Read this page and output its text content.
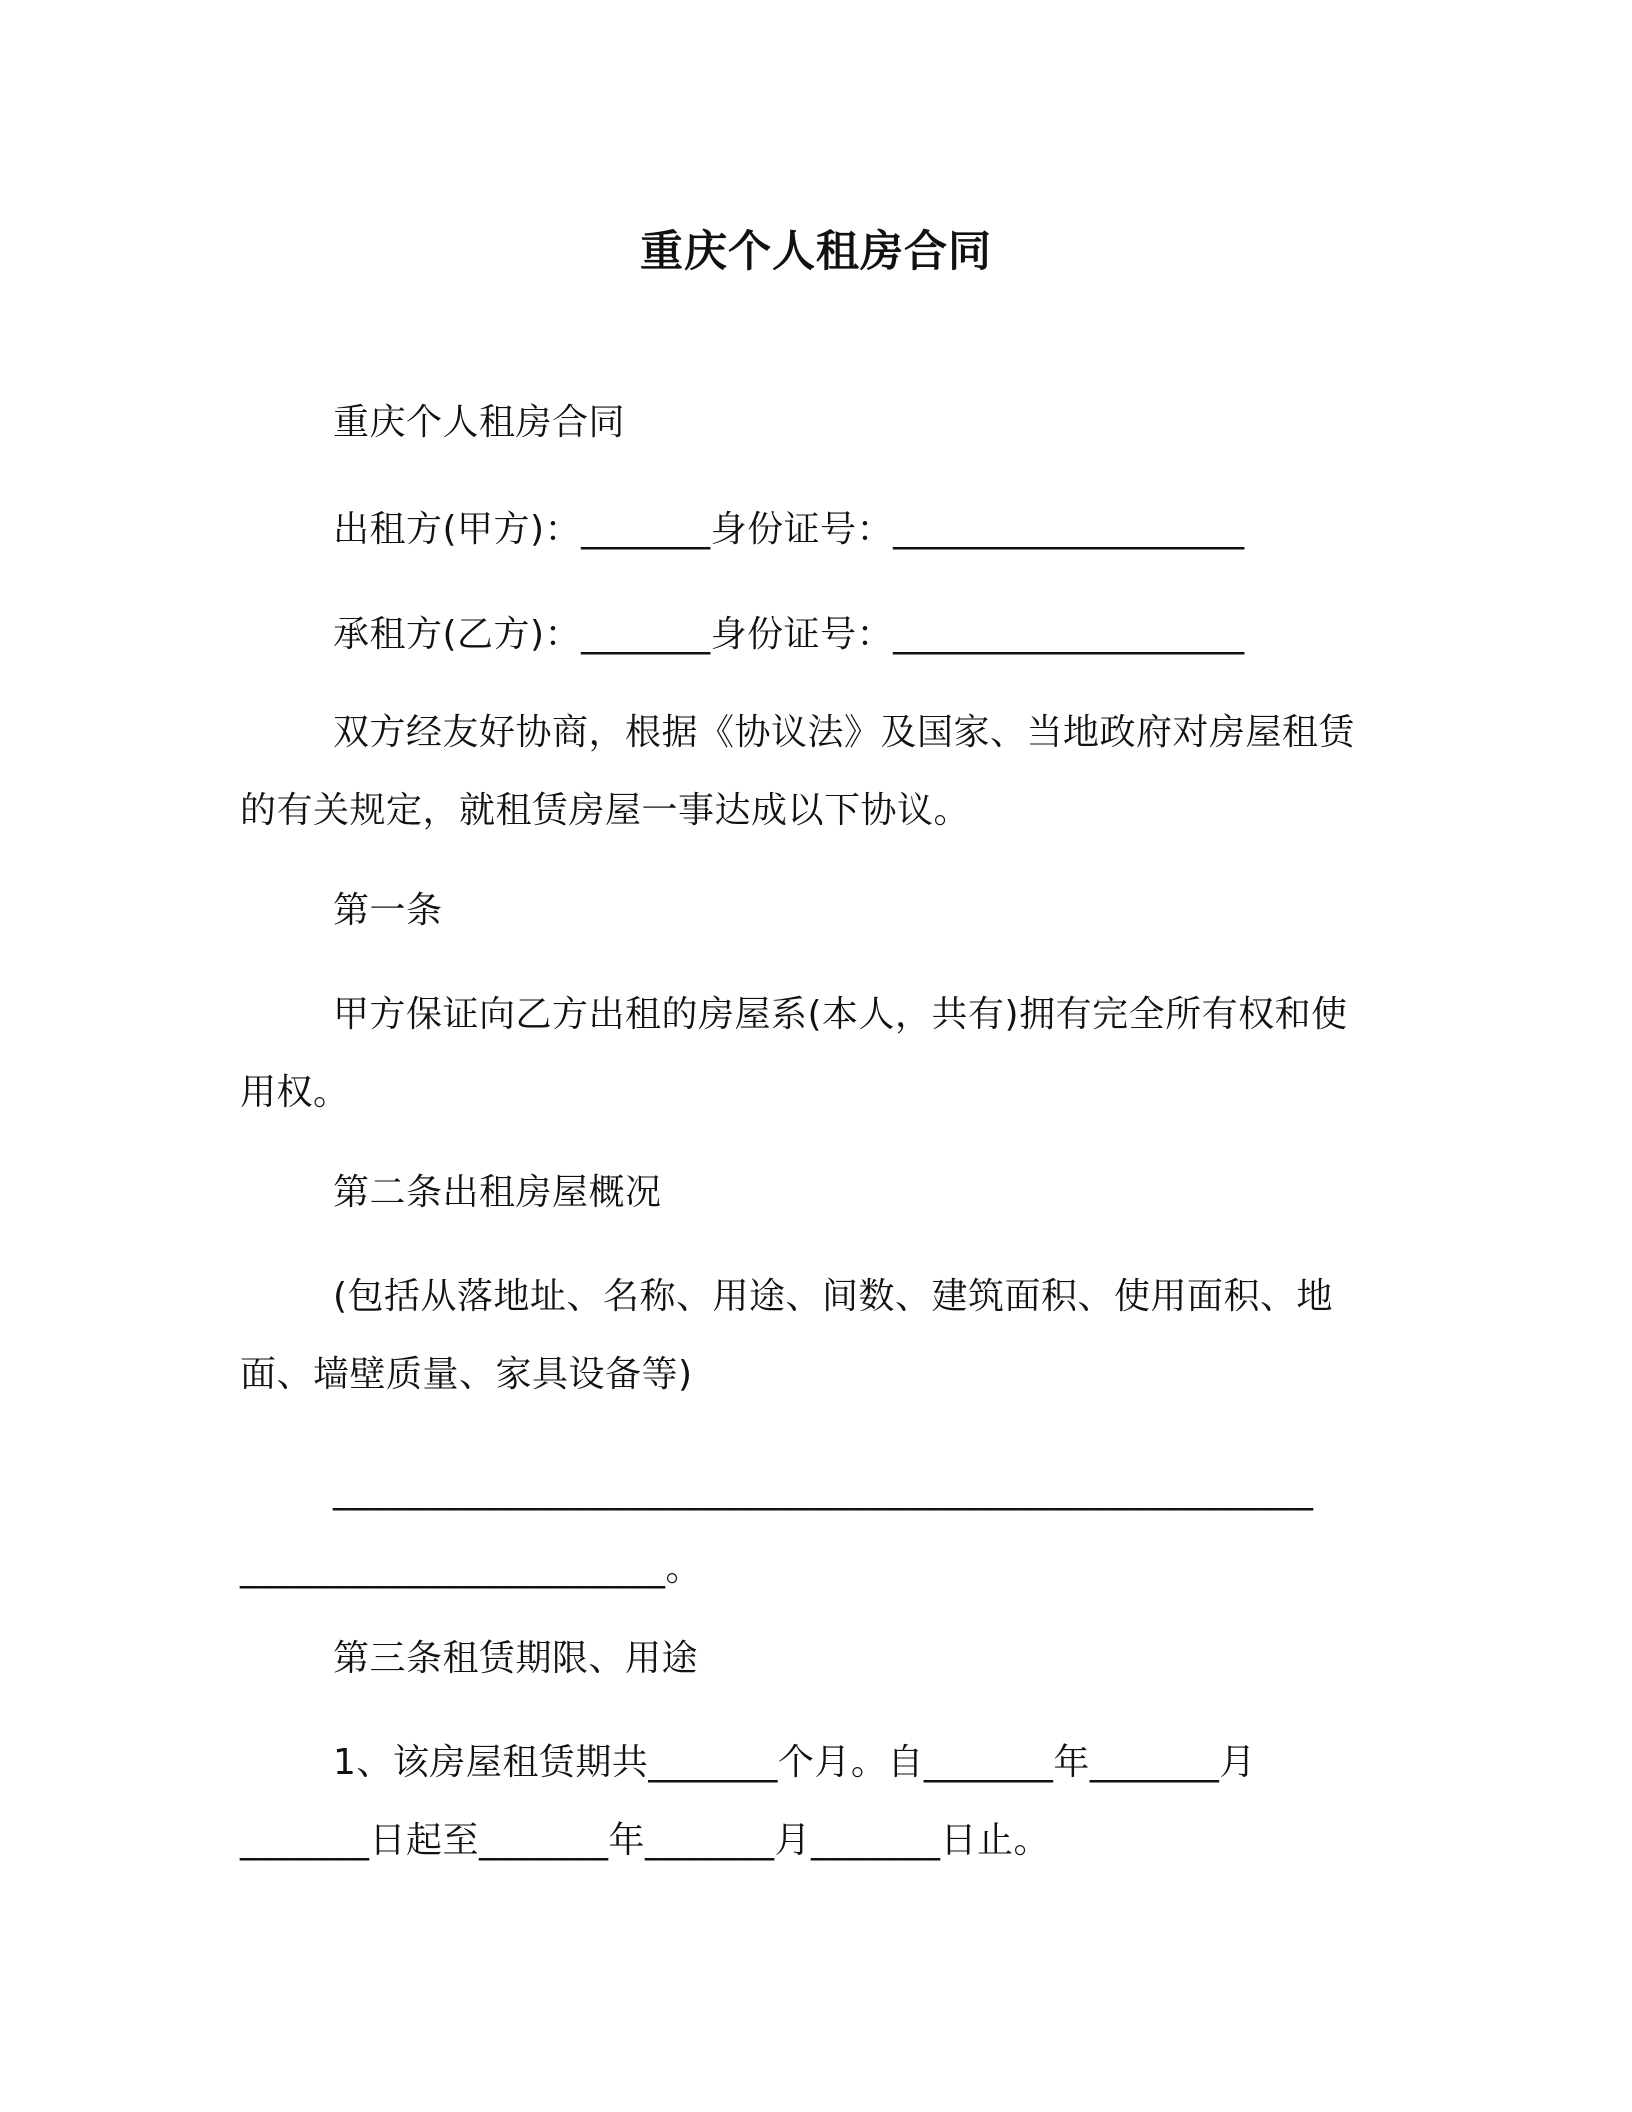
重庆个人租房合同
重庆个人租房合同
出租方(甲方)：_______身份证号：___________________
承租方(乙方)：_______身份证号：___________________
双方经友好协商，根据《协议法》及国家、当地政府对房屋租赁
的有关规定，就租赁房屋一事达成以下协议。
第一条
甲方保证向乙方出租的房屋系(本人，共有)拥有完全所有权和使
用权。
第二条出租房屋概况
(包括从落地址、名称、用途、间数、建筑面积、使用面积、地
面、墙壁质量、家具设备等)
_____________________________________________________
_______________________。
第三条租赁期限、用途
1、该房屋租赁期共_______个月。自_______年_______月
_______日起至_______年_______月_______日止。
